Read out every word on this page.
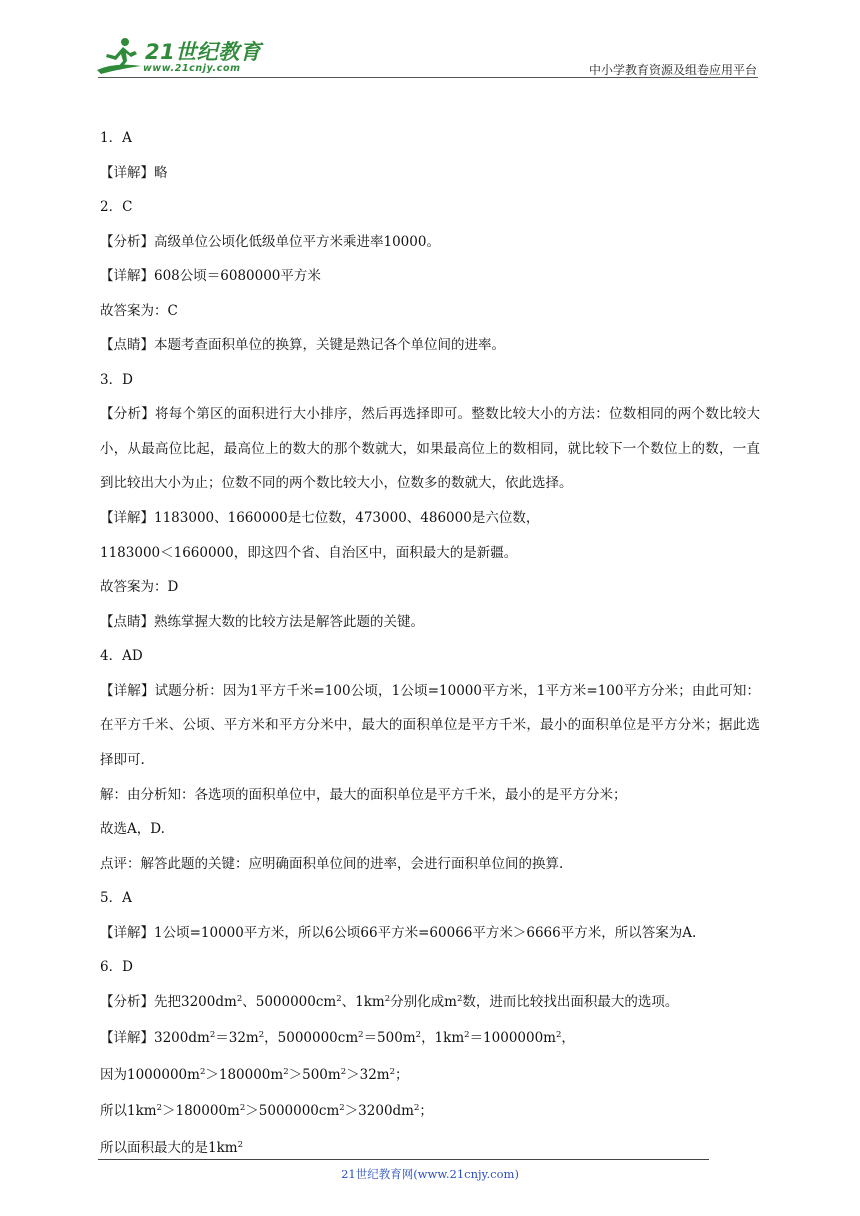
21世纪教育
www.21cnjy.com	中小学教育资源及组卷应用平台
1．A
【详解】略
2．C
【分析】高级单位公顷化低级单位平方米乘进率10000。
【详解】608公顷＝6080000平方米
故答案为：C
【点睛】本题考查面积单位的换算，关键是熟记各个单位间的进率。
3．D
【分析】将每个第区的面积进行大小排序，然后再选择即可。整数比较大小的方法：位数相同的两个数比较大小，从最高位比起，最高位上的数大的那个数就大，如果最高位上的数相同，就比较下一个数位上的数，一直到比较出大小为止；位数不同的两个数比较大小，位数多的数就大，依此选择。
【详解】1183000、1660000是七位数，473000、486000是六位数，
1183000＜1660000，即这四个省、自治区中，面积最大的是新疆。
故答案为：D
【点睛】熟练掌握大数的比较方法是解答此题的关键。
4．AD
【详解】试题分析：因为1平方千米=100公顷，1公顷=10000平方米，1平方米=100平方分米；由此可知：在平方千米、公顷、平方米和平方分米中，最大的面积单位是平方千米，最小的面积单位是平方分米；据此选择即可.
解：由分析知：各选项的面积单位中，最大的面积单位是平方千米，最小的是平方分米；
故选A，D.
点评：解答此题的关键：应明确面积单位间的进率，会进行面积单位间的换算.
5．A
【详解】1公顷=10000平方米，所以6公顷66平方米=60066平方米＞6666平方米，所以答案为A.
6．D
【分析】先把$3200dm^2$、$5000000cm^2$、$1km^2$分别化成$m^2$数，进而比较找出面积最大的选项。
【详解】$3200dm^2=32m^2$，$5000000cm^2=500m^2$，$1km^2=1000000m^2$，
因为$1000000m^2>180000m^2>500m^2>32m^2$；
所以$1km^2>180000m^2>5000000cm^2>3200dm^2$；
所以面积最大的是$1km^2$
21世纪教育网(www.21cnjy.com)
